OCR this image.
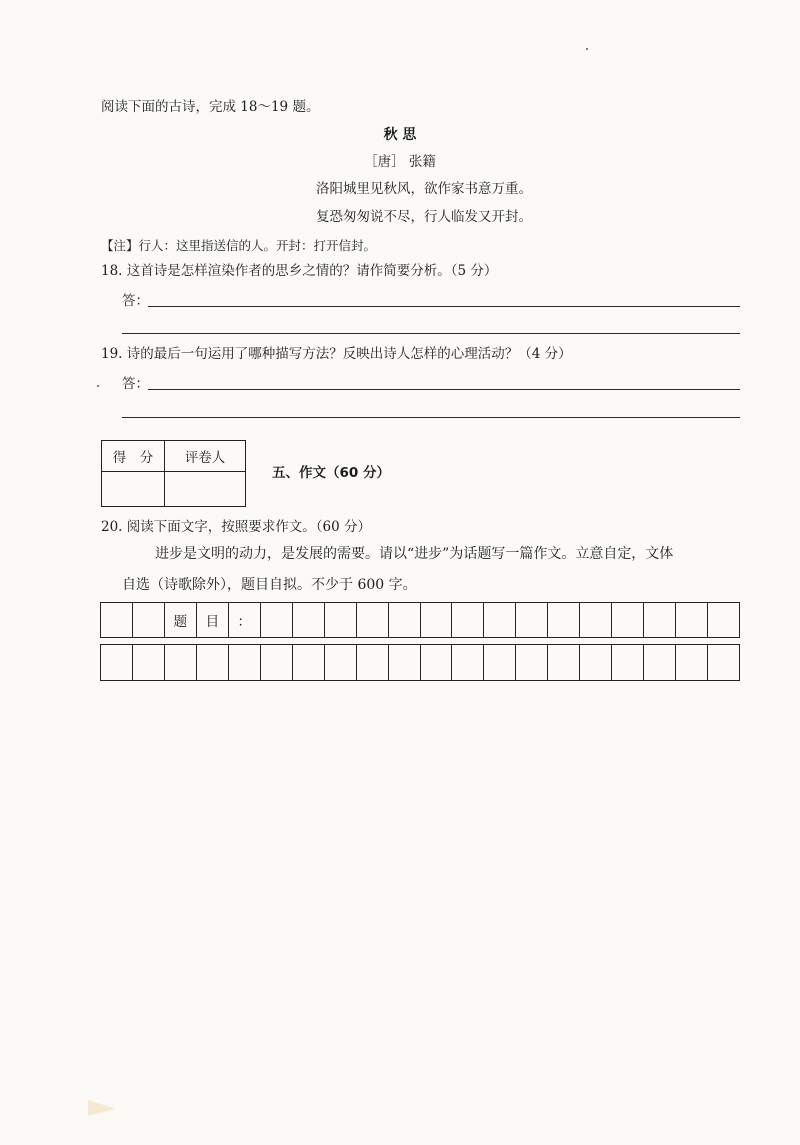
阅读下面的古诗，完成 18～19 题。
秋 思
［唐］ 张籍
洛阳城里见秋风，欲作家书意万重。
复恐匆匆说不尽，行人临发又开封。
【注】行人：这里指送信的人。开封：打开信封。
18. 这首诗是怎样渲染作者的思乡之情的？请作简要分析。（5 分）
答：
19. 诗的最后一句运用了哪种描写方法？反映出诗人怎样的心理活动？（4 分）
答：
得　分	评卷人

五、作文（60 分）
20. 阅读下面文字，按照要求作文。（60 分）
进步是文明的动力，是发展的需要。请以“进步”为话题写一篇作文。立意自定，文体
自选（诗歌除外），题目自拟。不少于 600 字。
题	目	：
